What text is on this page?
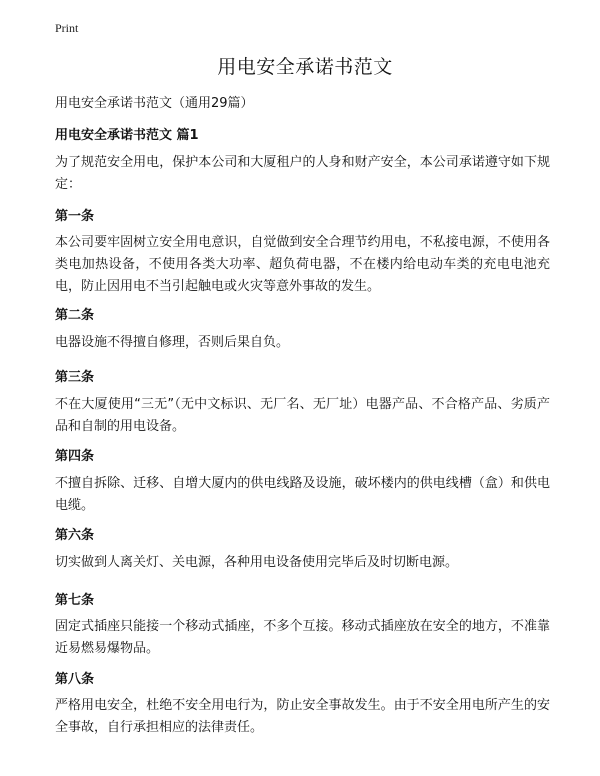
Print
用电安全承诺书范文

用电安全承诺书范文（通用29篇）

用电安全承诺书范文 篇1

为了规范安全用电，保护本公司和大厦租户的人身和财产安全，本公司承诺遵守如下规定：

第一条

本公司要牢固树立安全用电意识，自觉做到安全合理节约用电，不私接电源，不使用各类电加热设备，不使用各类大功率、超负荷电器，不在楼内给电动车类的充电电池充电，防止因用电不当引起触电或火灾等意外事故的发生。

第二条

电器设施不得擅自修理，否则后果自负。

第三条

不在大厦使用“三无”（无中文标识、无厂名、无厂址）电器产品、不合格产品、劣质产品和自制的用电设备。

第四条

不擅自拆除、迁移、自增大厦内的供电线路及设施，破坏楼内的供电线槽（盒）和供电电缆。

第六条

切实做到人离关灯、关电源，各种用电设备使用完毕后及时切断电源。

第七条

固定式插座只能接一个移动式插座，不多个互接。移动式插座放在安全的地方，不准靠近易燃易爆物品。

第八条

严格用电安全，杜绝不安全用电行为，防止安全事故发生。由于不安全用电所产生的安全事故，自行承担相应的法律责任。
